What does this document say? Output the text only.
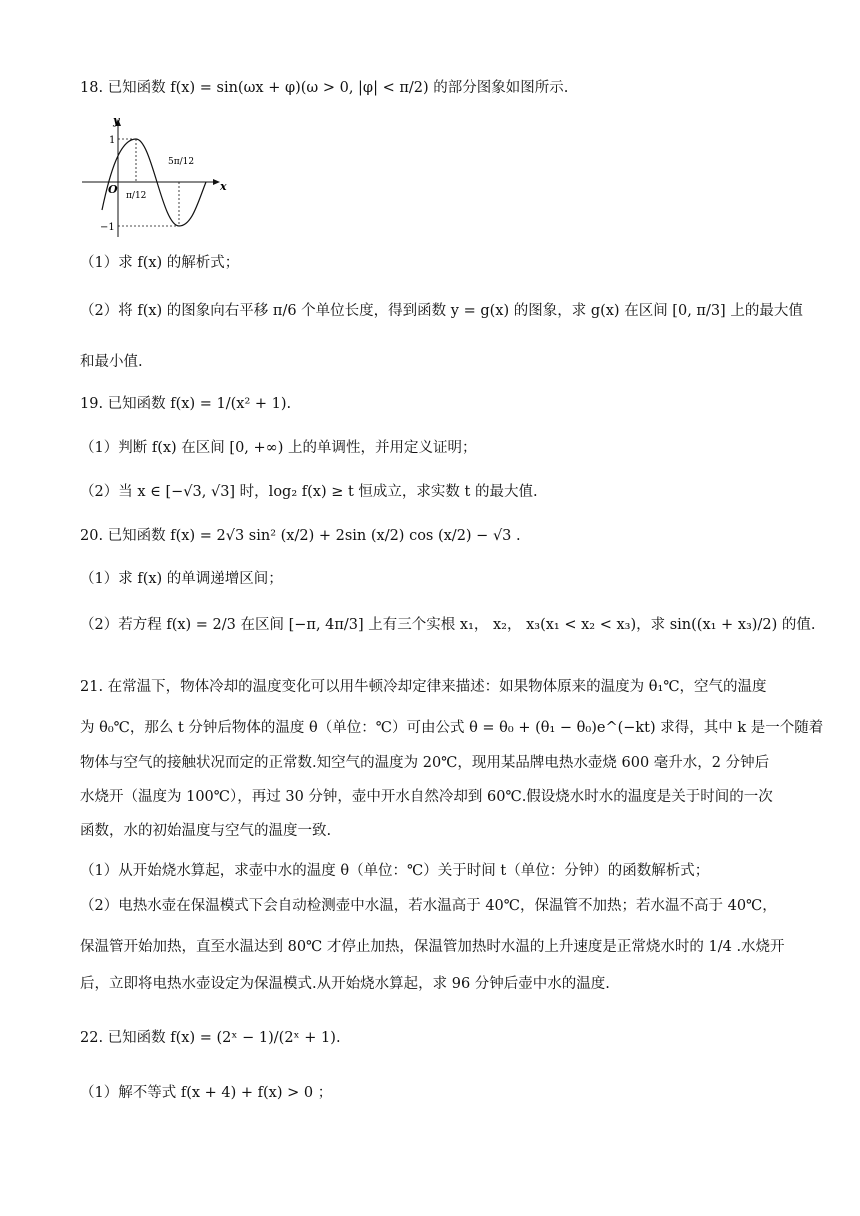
18. 已知函数 f(x) = sin(ωx + φ)(ω > 0, |φ| < π/2) 的部分图象如图所示.
y
x
O
1
−1
π/12
5π/12
（1）求 f(x) 的解析式；
（2）将 f(x) 的图象向右平移 π/6 个单位长度，得到函数 y = g(x) 的图象，求 g(x) 在区间 [0, π/3] 上的最大值
和最小值.
19. 已知函数 f(x) = 1/(x² + 1).
（1）判断 f(x) 在区间 [0, +∞) 上的单调性，并用定义证明；
（2）当 x ∈ [−√3, √3] 时，log₂ f(x) ≥ t 恒成立，求实数 t 的最大值.
20. 已知函数 f(x) = 2√3 sin² (x/2) + 2sin (x/2) cos (x/2) − √3 .
（1）求 f(x) 的单调递增区间；
（2）若方程 f(x) = 2/3 在区间 [−π, 4π/3] 上有三个实根 x₁， x₂， x₃(x₁ < x₂ < x₃)，求 sin((x₁ + x₃)/2) 的值.
21. 在常温下，物体冷却的温度变化可以用牛顿冷却定律来描述：如果物体原来的温度为 θ₁℃，空气的温度
为 θ₀℃，那么 t 分钟后物体的温度 θ（单位：℃）可由公式 θ = θ₀ + (θ₁ − θ₀)e^(−kt) 求得，其中 k 是一个随着
物体与空气的接触状况而定的正常数.知空气的温度为 20℃，现用某品牌电热水壶烧 600 毫升水，2 分钟后
水烧开（温度为 100℃），再过 30 分钟，壶中开水自然冷却到 60℃.假设烧水时水的温度是关于时间的一次
函数，水的初始温度与空气的温度一致.
（1）从开始烧水算起，求壶中水的温度 θ（单位：℃）关于时间 t（单位：分钟）的函数解析式；
（2）电热水壶在保温模式下会自动检测壶中水温，若水温高于 40℃，保温管不加热；若水温不高于 40℃，
保温管开始加热，直至水温达到 80℃ 才停止加热，保温管加热时水温的上升速度是正常烧水时的 1/4 .水烧开
后，立即将电热水壶设定为保温模式.从开始烧水算起，求 96 分钟后壶中水的温度.
22. 已知函数 f(x) = (2ˣ − 1)/(2ˣ + 1).
（1）解不等式 f(x + 4) + f(x) > 0 ；
